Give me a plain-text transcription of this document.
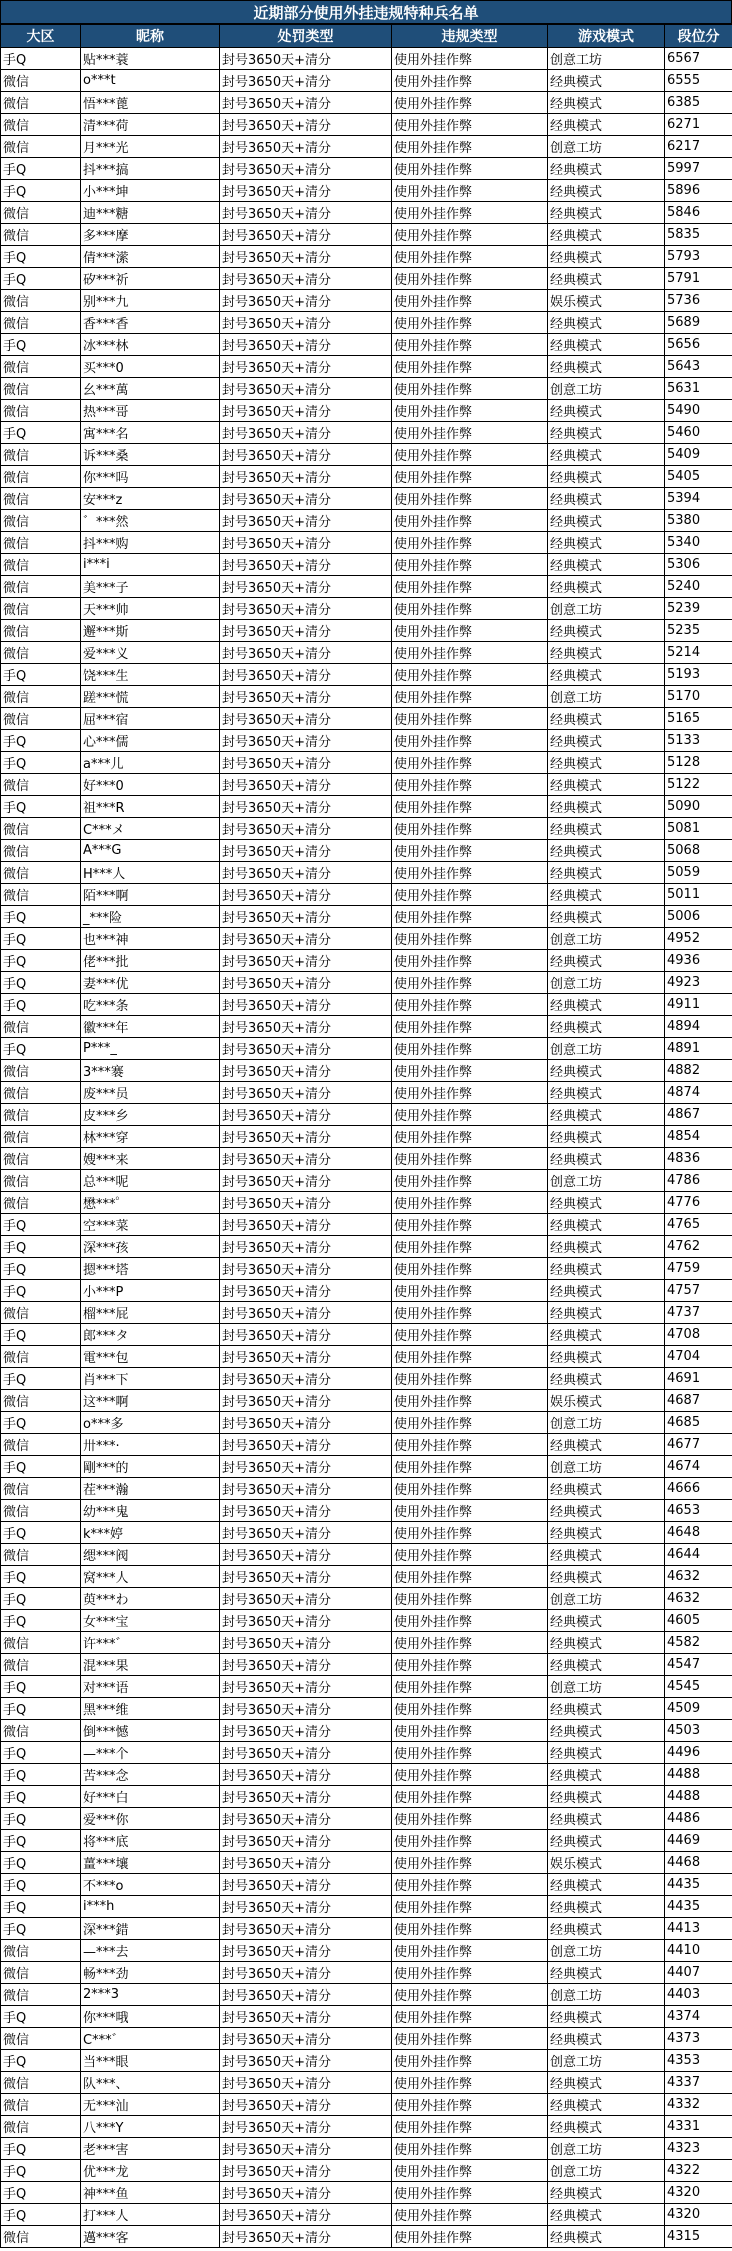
近期部分使用外挂违规特种兵名单
大区	昵称	处罚类型	违规类型	游戏模式	段位分
手Q	贴***蓑	封号3650天+清分	使用外挂作弊	创意工坊	6567
微信	o***t	封号3650天+清分	使用外挂作弊	经典模式	6555
微信	悟***蓖	封号3650天+清分	使用外挂作弊	经典模式	6385
微信	清***荷	封号3650天+清分	使用外挂作弊	经典模式	6271
微信	月***光	封号3650天+清分	使用外挂作弊	创意工坊	6217
手Q	抖***搞	封号3650天+清分	使用外挂作弊	经典模式	5997
手Q	小***坤	封号3650天+清分	使用外挂作弊	经典模式	5896
微信	迪***糖	封号3650天+清分	使用外挂作弊	经典模式	5846
微信	多***摩	封号3650天+清分	使用外挂作弊	经典模式	5835
手Q	倩***潆	封号3650天+清分	使用外挂作弊	经典模式	5793
手Q	矽***祈	封号3650天+清分	使用外挂作弊	经典模式	5791
微信	别***九	封号3650天+清分	使用外挂作弊	娱乐模式	5736
微信	香***香	封号3650天+清分	使用外挂作弊	经典模式	5689
手Q	冰***林	封号3650天+清分	使用外挂作弊	经典模式	5656
微信	买***0	封号3650天+清分	使用外挂作弊	经典模式	5643
微信	幺***萬	封号3650天+清分	使用外挂作弊	创意工坊	5631
微信	热***哥	封号3650天+清分	使用外挂作弊	经典模式	5490
手Q	寓***名	封号3650天+清分	使用外挂作弊	经典模式	5460
微信	诉***桑	封号3650天+清分	使用外挂作弊	经典模式	5409
微信	你***吗	封号3650天+清分	使用外挂作弊	经典模式	5405
微信	安***z	封号3650天+清分	使用外挂作弊	经典模式	5394
微信	゛***然	封号3650天+清分	使用外挂作弊	经典模式	5380
微信	抖***购	封号3650天+清分	使用外挂作弊	经典模式	5340
微信	i***i	封号3650天+清分	使用外挂作弊	经典模式	5306
微信	美***子	封号3650天+清分	使用外挂作弊	经典模式	5240
微信	天***帅	封号3650天+清分	使用外挂作弊	创意工坊	5239
微信	邂***斯	封号3650天+清分	使用外挂作弊	经典模式	5235
微信	爱***义	封号3650天+清分	使用外挂作弊	经典模式	5214
手Q	饶***生	封号3650天+清分	使用外挂作弊	经典模式	5193
微信	蹉***慌	封号3650天+清分	使用外挂作弊	创意工坊	5170
微信	屈***宿	封号3650天+清分	使用外挂作弊	经典模式	5165
手Q	心***儒	封号3650天+清分	使用外挂作弊	经典模式	5133
手Q	a***儿	封号3650天+清分	使用外挂作弊	经典模式	5128
微信	好***0	封号3650天+清分	使用外挂作弊	经典模式	5122
手Q	祖***R	封号3650天+清分	使用外挂作弊	经典模式	5090
微信	C***メ	封号3650天+清分	使用外挂作弊	经典模式	5081
微信	A***G	封号3650天+清分	使用外挂作弊	经典模式	5068
微信	H***人	封号3650天+清分	使用外挂作弊	经典模式	5059
微信	陌***啊	封号3650天+清分	使用外挂作弊	经典模式	5011
手Q	_***险	封号3650天+清分	使用外挂作弊	经典模式	5006
手Q	也***神	封号3650天+清分	使用外挂作弊	创意工坊	4952
手Q	佬***批	封号3650天+清分	使用外挂作弊	经典模式	4936
手Q	妻***优	封号3650天+清分	使用外挂作弊	创意工坊	4923
手Q	吃***条	封号3650天+清分	使用外挂作弊	经典模式	4911
微信	徽***年	封号3650天+清分	使用外挂作弊	经典模式	4894
手Q	P***_	封号3650天+清分	使用外挂作弊	创意工坊	4891
微信	3***褰	封号3650天+清分	使用外挂作弊	经典模式	4882
微信	废***员	封号3650天+清分	使用外挂作弊	经典模式	4874
微信	皮***乡	封号3650天+清分	使用外挂作弊	经典模式	4867
微信	林***穿	封号3650天+清分	使用外挂作弊	经典模式	4854
微信	嫂***来	封号3650天+清分	使用外挂作弊	经典模式	4836
微信	总***呢	封号3650天+清分	使用外挂作弊	创意工坊	4786
微信	懋***゜	封号3650天+清分	使用外挂作弊	经典模式	4776
手Q	空***菜	封号3650天+清分	使用外挂作弊	经典模式	4765
手Q	深***孩	封号3650天+清分	使用外挂作弊	经典模式	4762
手Q	摁***塔	封号3650天+清分	使用外挂作弊	经典模式	4759
手Q	小***P	封号3650天+清分	使用外挂作弊	经典模式	4757
微信	榴***屁	封号3650天+清分	使用外挂作弊	经典模式	4737
手Q	郎***タ	封号3650天+清分	使用外挂作弊	经典模式	4708
微信	電***包	封号3650天+清分	使用外挂作弊	经典模式	4704
手Q	肖***下	封号3650天+清分	使用外挂作弊	经典模式	4691
微信	这***啊	封号3650天+清分	使用外挂作弊	娱乐模式	4687
手Q	o***多	封号3650天+清分	使用外挂作弊	创意工坊	4685
微信	卅***·	封号3650天+清分	使用外挂作弊	经典模式	4677
手Q	剛***的	封号3650天+清分	使用外挂作弊	创意工坊	4674
微信	茬***瀚	封号3650天+清分	使用外挂作弊	经典模式	4666
微信	幼***鬼	封号3650天+清分	使用外挂作弊	经典模式	4653
手Q	k***婷	封号3650天+清分	使用外挂作弊	经典模式	4648
微信	缌***阀	封号3650天+清分	使用外挂作弊	经典模式	4644
手Q	窝***人	封号3650天+清分	使用外挂作弊	经典模式	4632
手Q	萸***わ	封号3650天+清分	使用外挂作弊	创意工坊	4632
手Q	女***宝	封号3650天+清分	使用外挂作弊	经典模式	4605
微信	许***゛	封号3650天+清分	使用外挂作弊	经典模式	4582
微信	混***果	封号3650天+清分	使用外挂作弊	经典模式	4547
手Q	对***语	封号3650天+清分	使用外挂作弊	创意工坊	4545
手Q	黑***维	封号3650天+清分	使用外挂作弊	经典模式	4509
微信	倒***憾	封号3650天+清分	使用外挂作弊	经典模式	4503
手Q	—***个	封号3650天+清分	使用外挂作弊	经典模式	4496
手Q	苦***念	封号3650天+清分	使用外挂作弊	经典模式	4488
手Q	好***白	封号3650天+清分	使用外挂作弊	经典模式	4488
手Q	爱***你	封号3650天+清分	使用外挂作弊	经典模式	4486
手Q	将***底	封号3650天+清分	使用外挂作弊	经典模式	4469
手Q	薑***壤	封号3650天+清分	使用外挂作弊	娱乐模式	4468
手Q	不***o	封号3650天+清分	使用外挂作弊	经典模式	4435
手Q	i***h	封号3650天+清分	使用外挂作弊	经典模式	4435
手Q	深***錯	封号3650天+清分	使用外挂作弊	经典模式	4413
微信	—***去	封号3650天+清分	使用外挂作弊	创意工坊	4410
微信	畅***劲	封号3650天+清分	使用外挂作弊	经典模式	4407
微信	2***3	封号3650天+清分	使用外挂作弊	创意工坊	4403
手Q	你***哦	封号3650天+清分	使用外挂作弊	经典模式	4374
微信	C***゛	封号3650天+清分	使用外挂作弊	经典模式	4373
手Q	当***眼	封号3650天+清分	使用外挂作弊	创意工坊	4353
微信	队***、	封号3650天+清分	使用外挂作弊	经典模式	4337
微信	无***汕	封号3650天+清分	使用外挂作弊	经典模式	4332
微信	八***Y	封号3650天+清分	使用外挂作弊	经典模式	4331
手Q	老***害	封号3650天+清分	使用外挂作弊	创意工坊	4323
手Q	优***龙	封号3650天+清分	使用外挂作弊	创意工坊	4322
手Q	神***鱼	封号3650天+清分	使用外挂作弊	经典模式	4320
手Q	打***人	封号3650天+清分	使用外挂作弊	经典模式	4320
微信	邁***客	封号3650天+清分	使用外挂作弊	经典模式	4315
